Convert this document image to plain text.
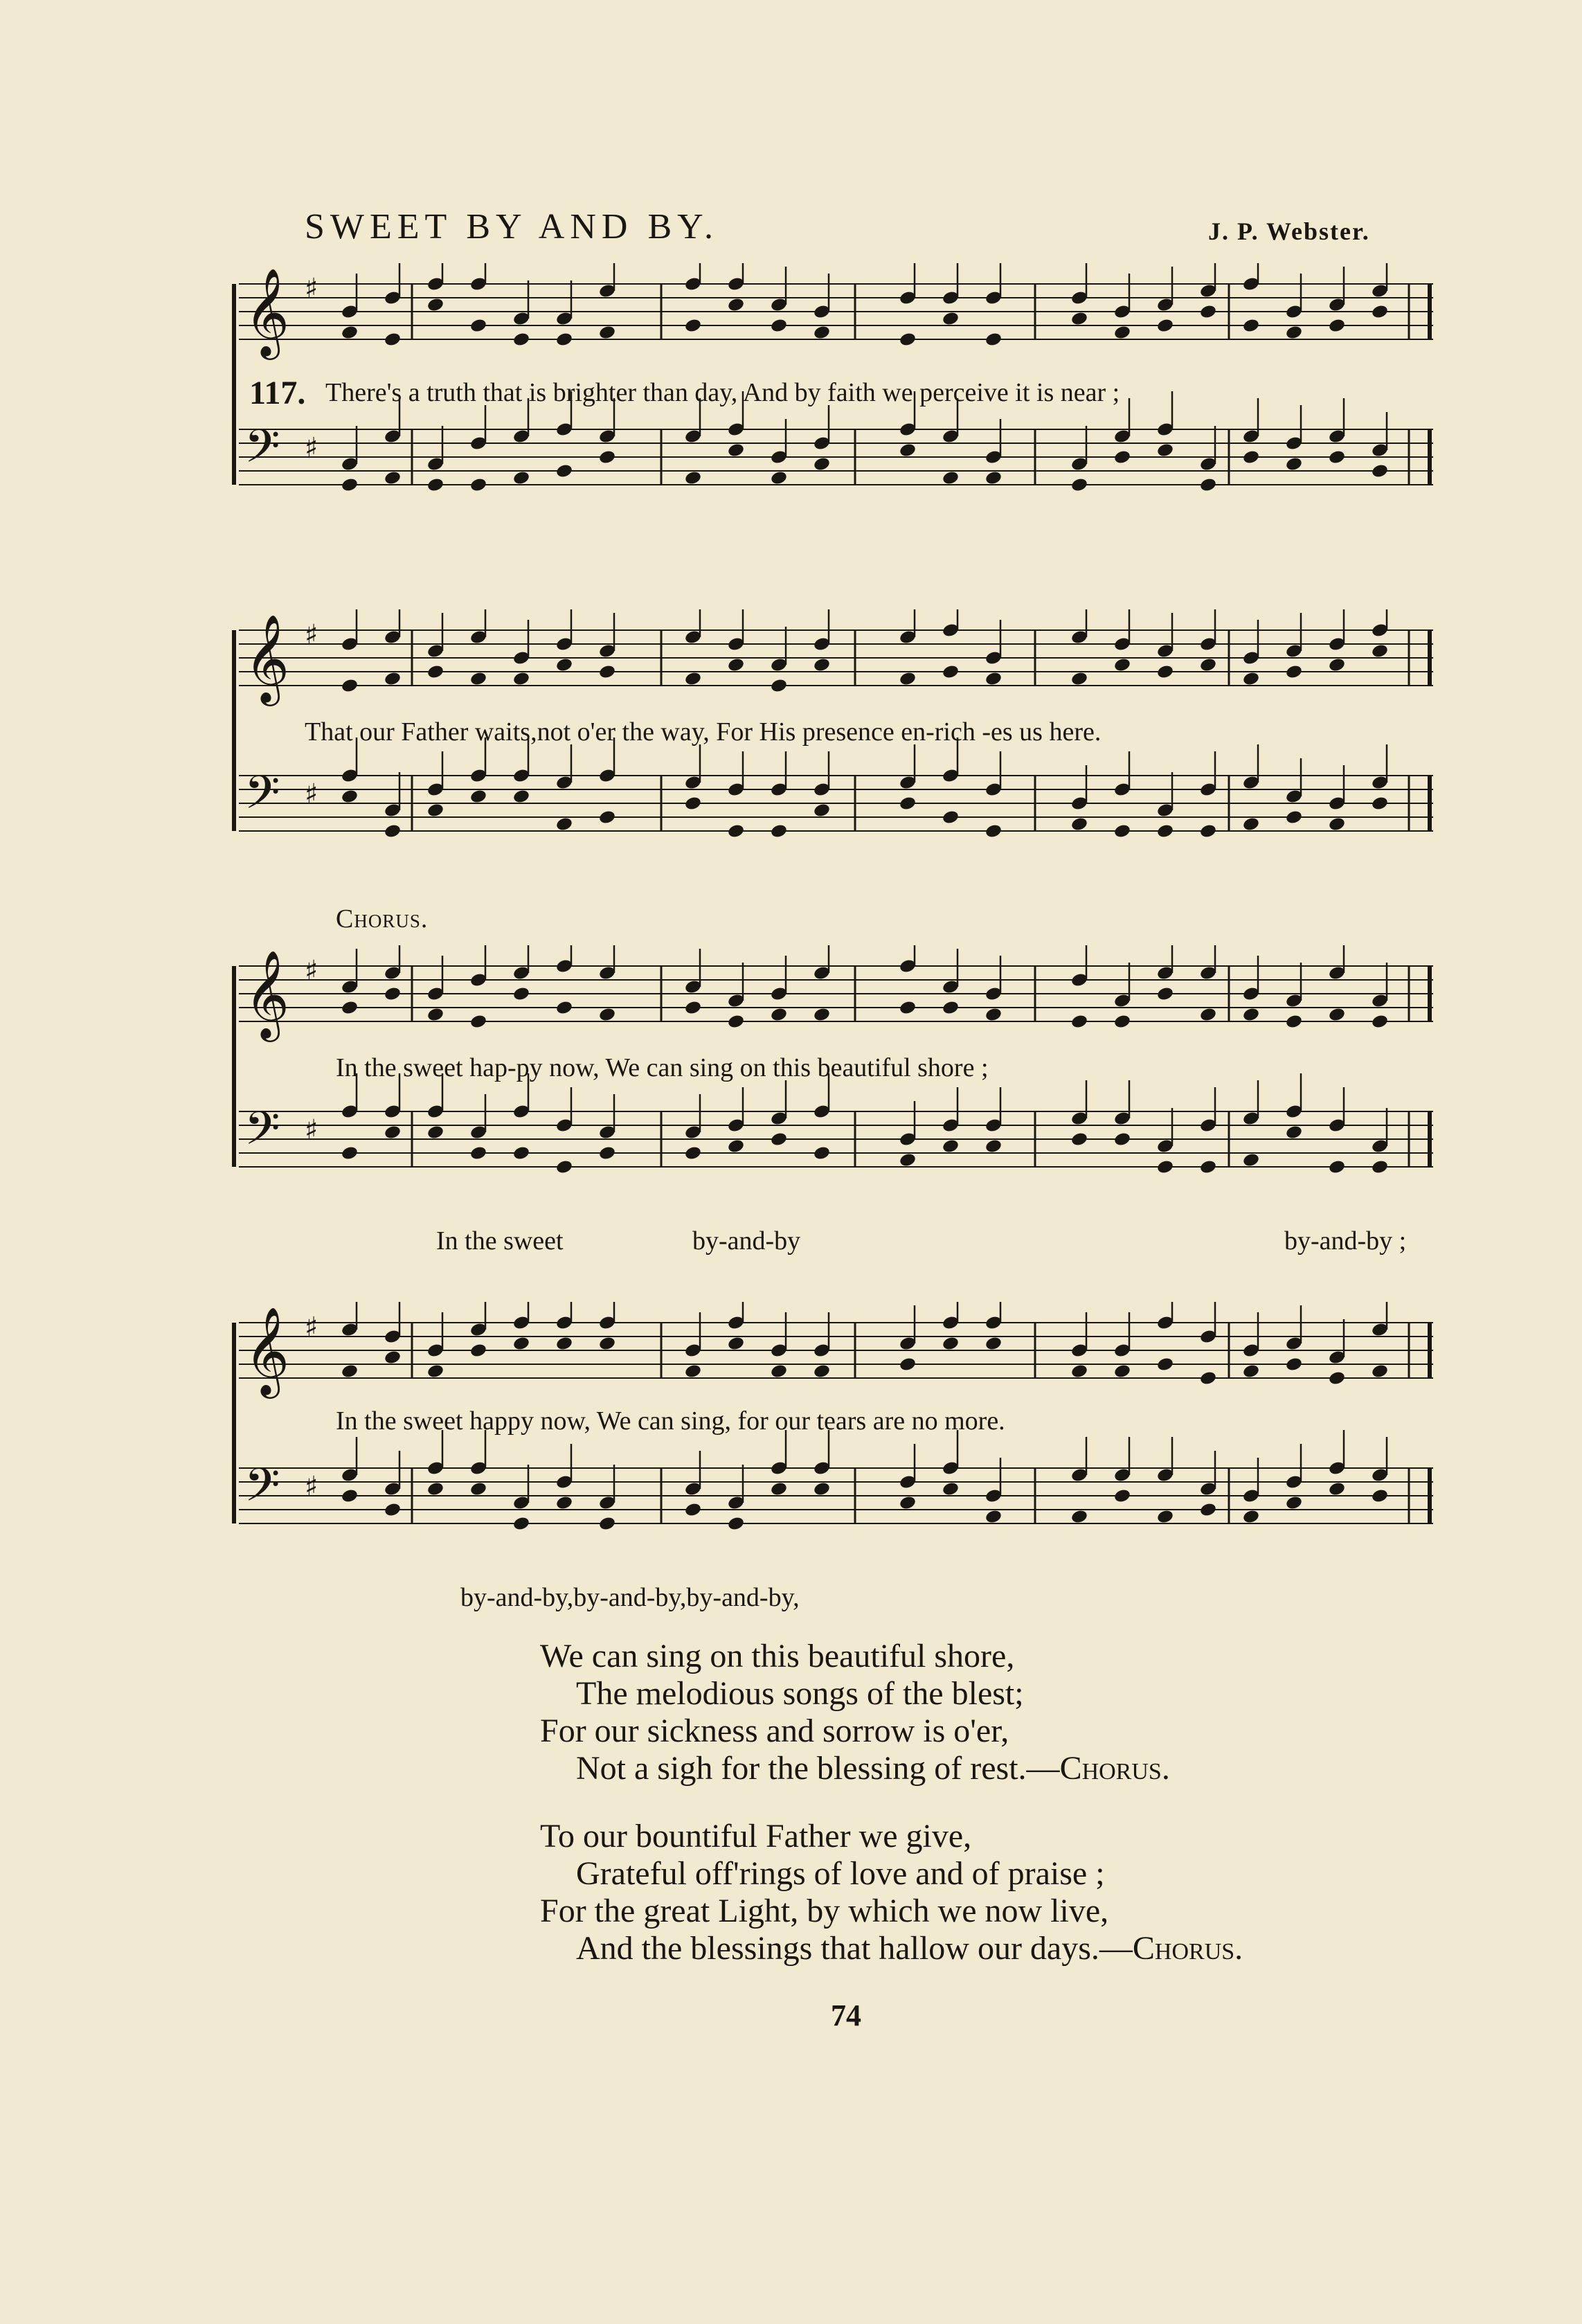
SWEET BY AND BY.	J. P. Webster.
𝄞 ♯
𝄢 ♯
117. There's a truth that is brighter than day, And by faith we perceive it is near ;
𝄞 ♯
𝄢 ♯
That our Father waits,not o'er the way, For His presence en-rich -es us here.
Chorus.
𝄞 ♯
𝄢 ♯
In the sweet hap-py now, We can sing on this beautiful shore ;
In the sweet	by-and-by	by-and-by ;
𝄞 ♯
𝄢 ♯
In the sweet happy now, We can sing, for our tears are no more.
by-and-by,by-and-by,by-and-by,
We can sing on this beautiful shore,
The melodious songs of the blest;
For our sickness and sorrow is o'er,
Not a sigh for the blessing of rest.—Chorus.
To our bountiful Father we give,
Grateful off'rings of love and of praise ;
For the great Light, by which we now live,
And the blessings that hallow our days.—Chorus.
74
